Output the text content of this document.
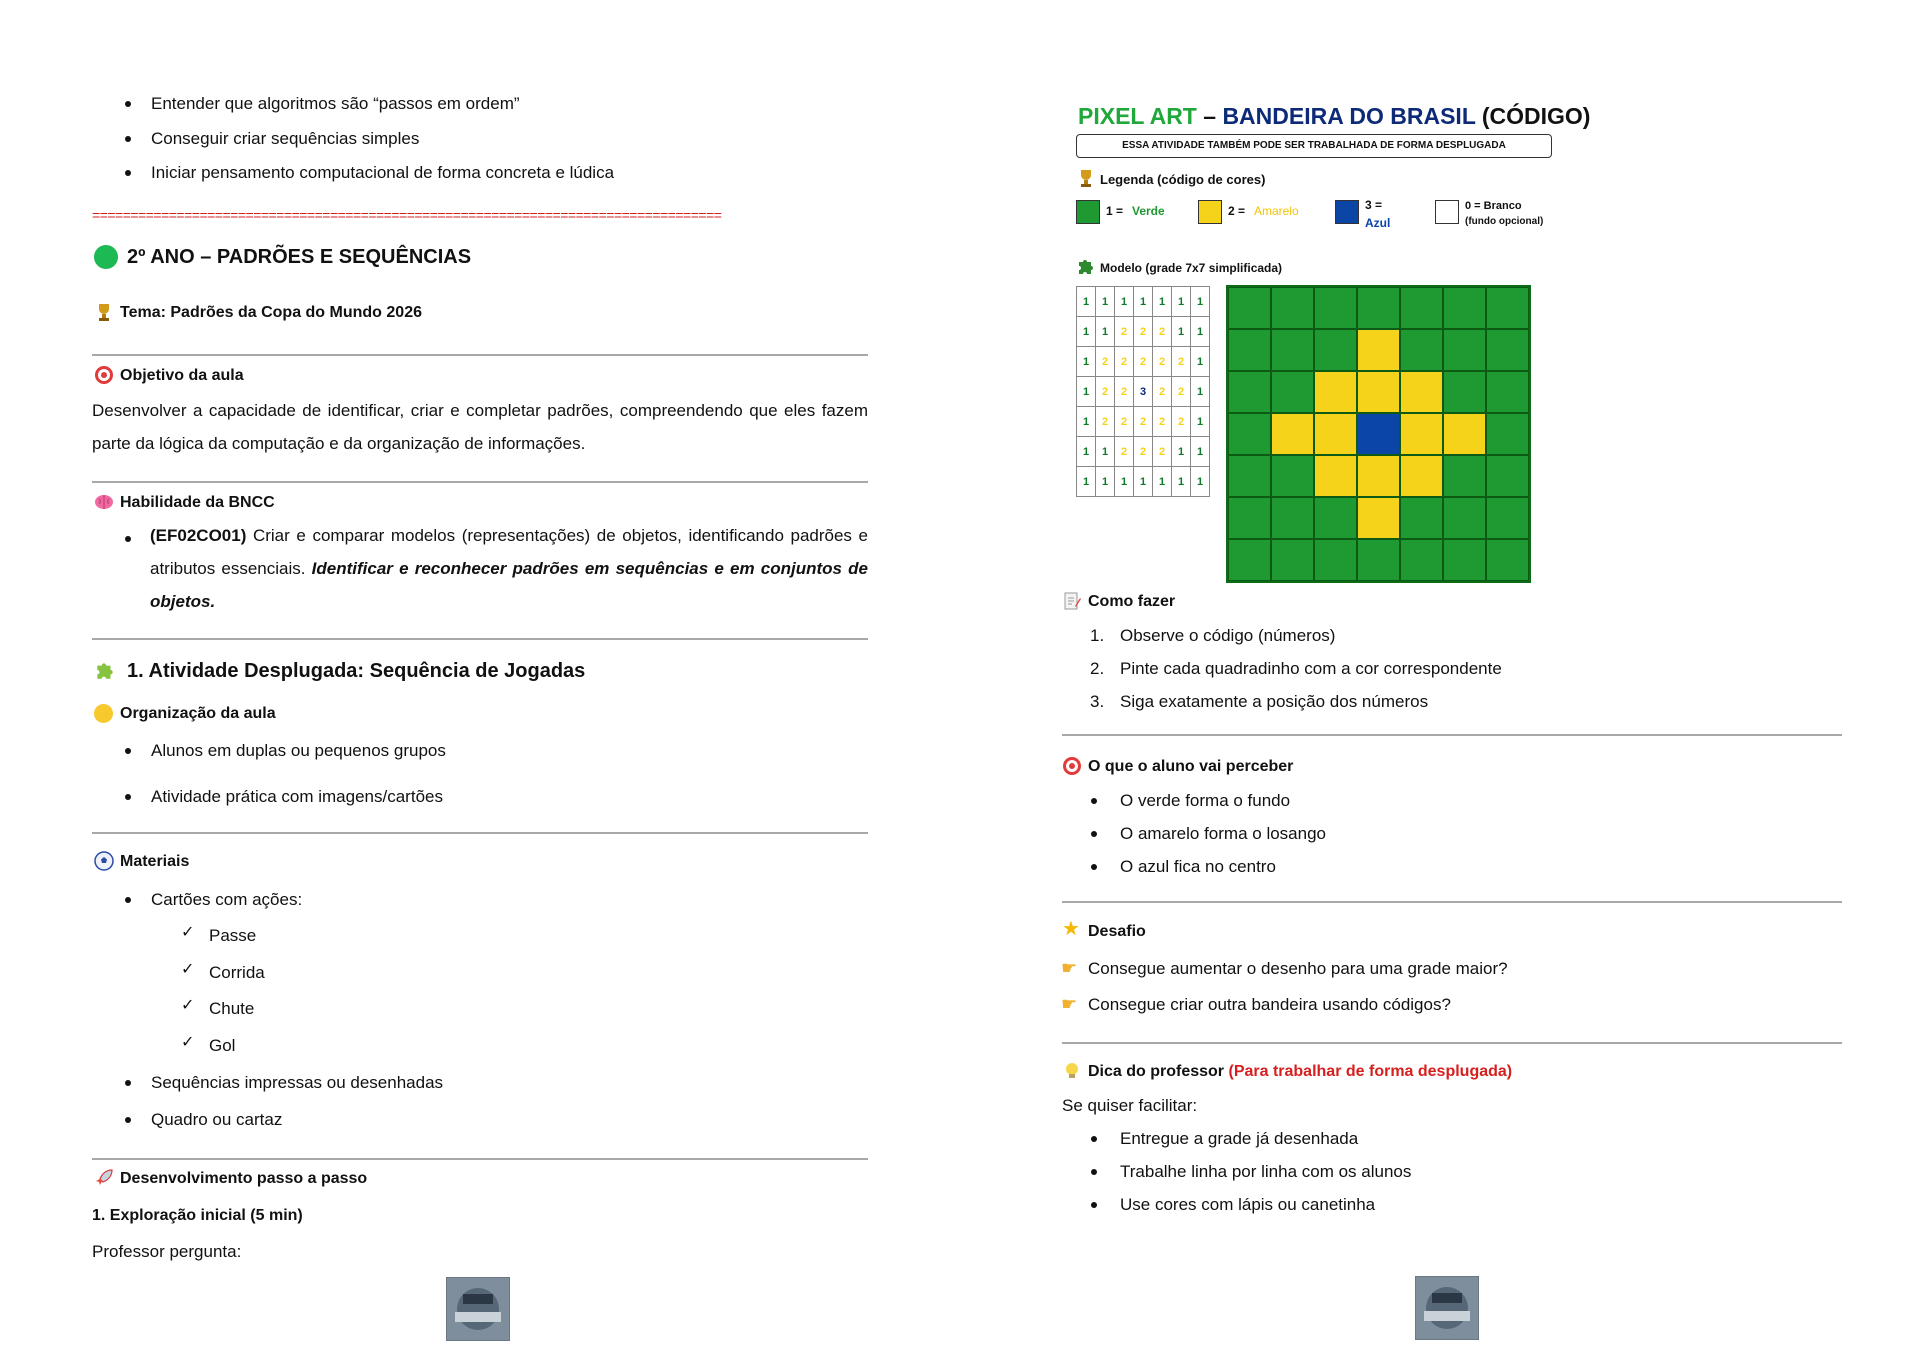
Entender que algoritmos são “passos em ordem”
Conseguir criar sequências simples
Iniciar pensamento computacional de forma concreta e lúdica
==================================================================================
2º ANO – PADRÕES E SEQUÊNCIAS
Tema: Padrões da Copa do Mundo 2026
Objetivo da aula
Desenvolver a capacidade de identificar, criar e completar padrões, compreendendo que eles fazem parte da lógica da computação e da organização de informações.
Habilidade da BNCC
(EF02CO01) Criar e comparar modelos (representações) de objetos, identificando padrões e atributos essenciais. Identificar e reconhecer padrões em sequências e em conjuntos de objetos.
1. Atividade Desplugada: Sequência de Jogadas
Organização da aula
Alunos em duplas ou pequenos grupos
Atividade prática com imagens/cartões
Materiais
Cartões com ações:
✓ Passe
✓ Corrida
✓ Chute
✓ Gol
Sequências impressas ou desenhadas
Quadro ou cartaz
Desenvolvimento passo a passo
1. Exploração inicial (5 min)
Professor pergunta:
PIXEL ART – BANDEIRA DO BRASIL (CÓDIGO)
ESSA ATIVIDADE TAMBÉM PODE SER TRABALHADA DE FORMA DESPLUGADA
Legenda (código de cores)
1 = Verde	2 = Amarelo	3 =
Azul
0 = Branco
(fundo opcional)
Modelo (grade 7x7 simplificada)
1	1	1	1	1	1	1
1	1	2	2	2	1	1
1	2	2	2	2	2	1
1	2	2	3	2	2	1
1	2	2	2	2	2	1
1	1	2	2	2	1	1
1	1	1	1	1	1	1
Como fazer
1. Observe o código (números)
2. Pinte cada quadradinho com a cor correspondente
3. Siga exatamente a posição dos números
O que o aluno vai perceber
O verde forma o fundo
O amarelo forma o losango
O azul fica no centro
★ Desafio
☛ Consegue aumentar o desenho para uma grade maior?
☛ Consegue criar outra bandeira usando códigos?
Dica do professor (Para trabalhar de forma desplugada)
Se quiser facilitar:
Entregue a grade já desenhada
Trabalhe linha por linha com os alunos
Use cores com lápis ou canetinha
